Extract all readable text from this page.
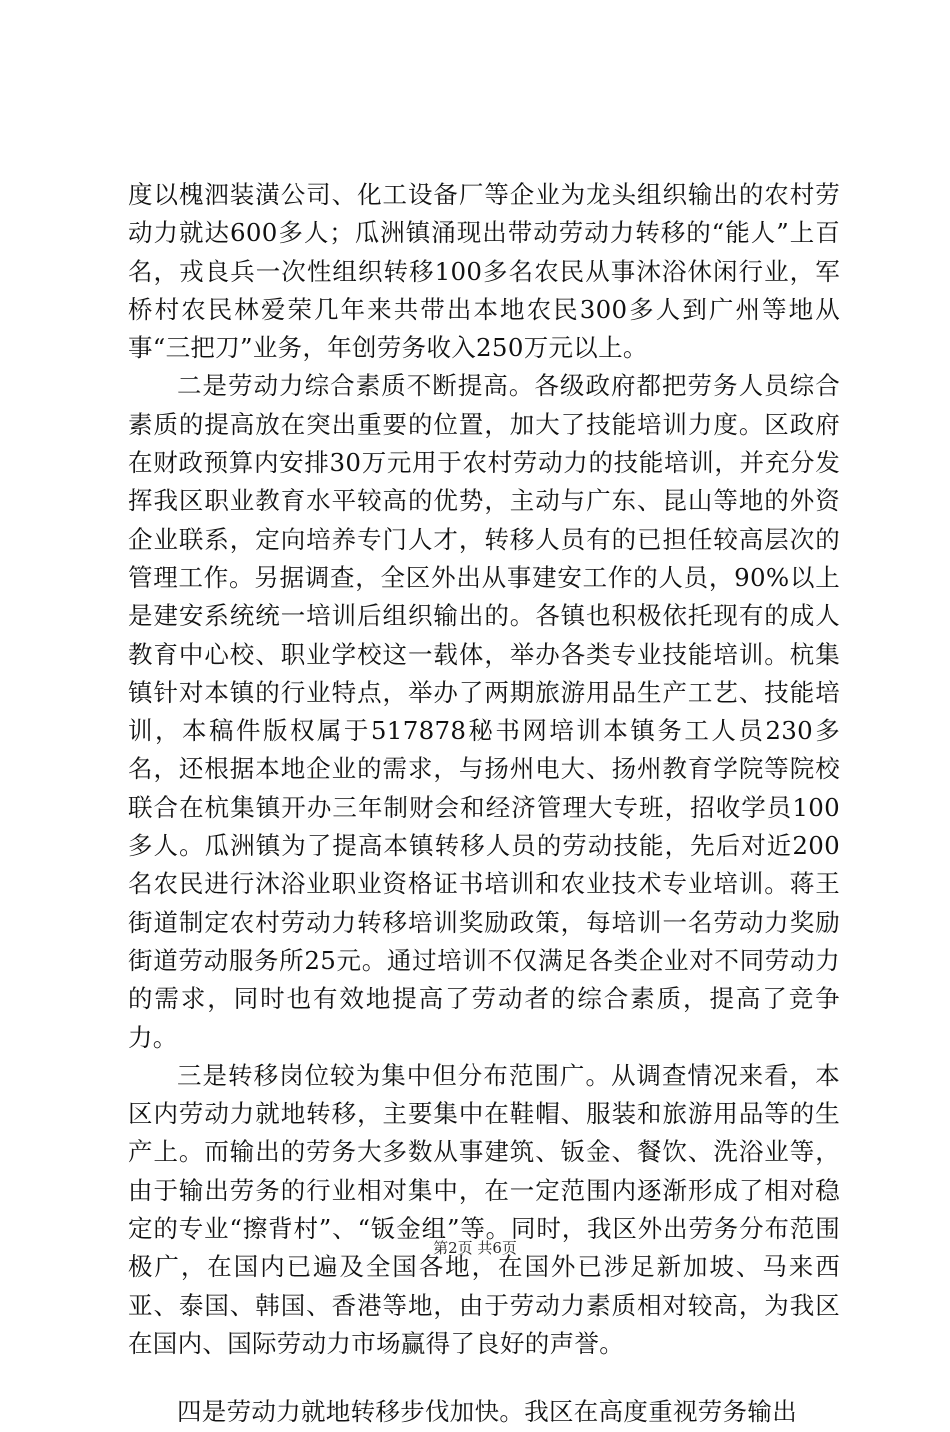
度以槐泗装潢公司、化工设备厂等企业为龙头组织输出的农村劳动力就达600多人；瓜洲镇涌现出带动劳动力转移的“能人”上百名，戎良兵一次性组织转移100多名农民从事沐浴休闲行业，军桥村农民林爱荣几年来共带出本地农民300多人到广州等地从事“三把刀”业务，年创劳务收入250万元以上。

二是劳动力综合素质不断提高。各级政府都把劳务人员综合素质的提高放在突出重要的位置，加大了技能培训力度。区政府在财政预算内安排30万元用于农村劳动力的技能培训，并充分发挥我区职业教育水平较高的优势，主动与广东、昆山等地的外资企业联系，定向培养专门人才，转移人员有的已担任较高层次的管理工作。另据调查，全区外出从事建安工作的人员，90%以上是建安系统统一培训后组织输出的。各镇也积极依托现有的成人教育中心校、职业学校这一载体，举办各类专业技能培训。杭集镇针对本镇的行业特点，举办了两期旅游用品生产工艺、技能培训，本稿件版权属于517878秘书网培训本镇务工人员230多名，还根据本地企业的需求，与扬州电大、扬州教育学院等院校联合在杭集镇开办三年制财会和经济管理大专班，招收学员100多人。瓜洲镇为了提高本镇转移人员的劳动技能，先后对近200名农民进行沐浴业职业资格证书培训和农业技术专业培训。蒋王街道制定农村劳动力转移培训奖励政策，每培训一名劳动力奖励街道劳动服务所25元。通过培训不仅满足各类企业对不同劳动力的需求，同时也有效地提高了劳动者的综合素质，提高了竞争力。

三是转移岗位较为集中但分布范围广。从调查情况来看，本区内劳动力就地转移，主要集中在鞋帽、服装和旅游用品等的生产上。而输出的劳务大多数从事建筑、钣金、餐饮、洗浴业等，由于输出劳务的行业相对集中，在一定范围内逐渐形成了相对稳定的专业“擦背村”、“钣金组”等。同时，我区外出劳务分布范围极广，在国内已遍及全国各地，在国外已涉足新加坡、马来西亚、泰国、韩国、香港等地，由于劳动力素质相对较高，为我区在国内、国际劳动力市场赢得了良好的声誉。

四是劳动力就地转移步伐加快。我区在高度重视劳务输出

第2页 共6页
